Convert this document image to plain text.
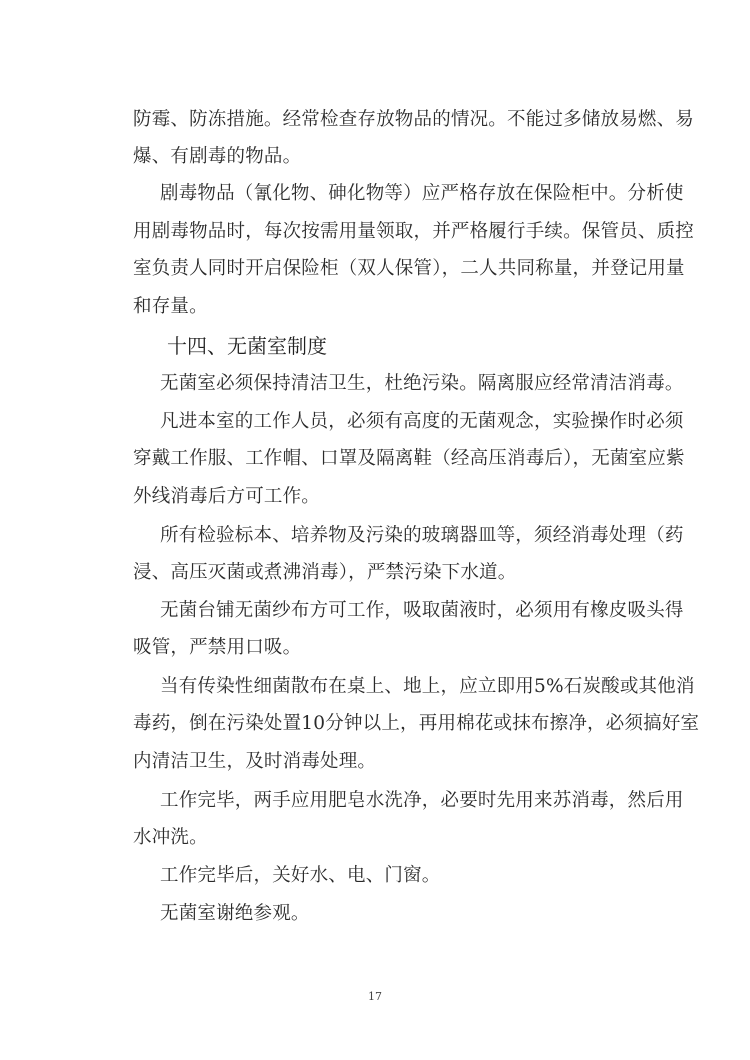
防霉、防冻措施。经常检查存放物品的情况。不能过多储放易燃、易
爆、有剧毒的物品。
剧毒物品（氰化物、砷化物等）应严格存放在保险柜中。分析使
用剧毒物品时，每次按需用量领取，并严格履行手续。保管员、质控
室负责人同时开启保险柜（双人保管），二人共同称量，并登记用量
和存量。
十四、无菌室制度
无菌室必须保持清洁卫生，杜绝污染。隔离服应经常清洁消毒。
凡进本室的工作人员，必须有高度的无菌观念，实验操作时必须
穿戴工作服、工作帽、口罩及隔离鞋（经高压消毒后），无菌室应紫
外线消毒后方可工作。
所有检验标本、培养物及污染的玻璃器皿等，须经消毒处理（药
浸、高压灭菌或煮沸消毒），严禁污染下水道。
无菌台铺无菌纱布方可工作，吸取菌液时，必须用有橡皮吸头得
吸管，严禁用口吸。
当有传染性细菌散布在桌上、地上，应立即用5%石炭酸或其他消
毒药，倒在污染处置10分钟以上，再用棉花或抹布擦净，必须搞好室
内清洁卫生，及时消毒处理。
工作完毕，两手应用肥皂水洗净，必要时先用来苏消毒，然后用
水冲洗。
工作完毕后，关好水、电、门窗。
无菌室谢绝参观。
17
